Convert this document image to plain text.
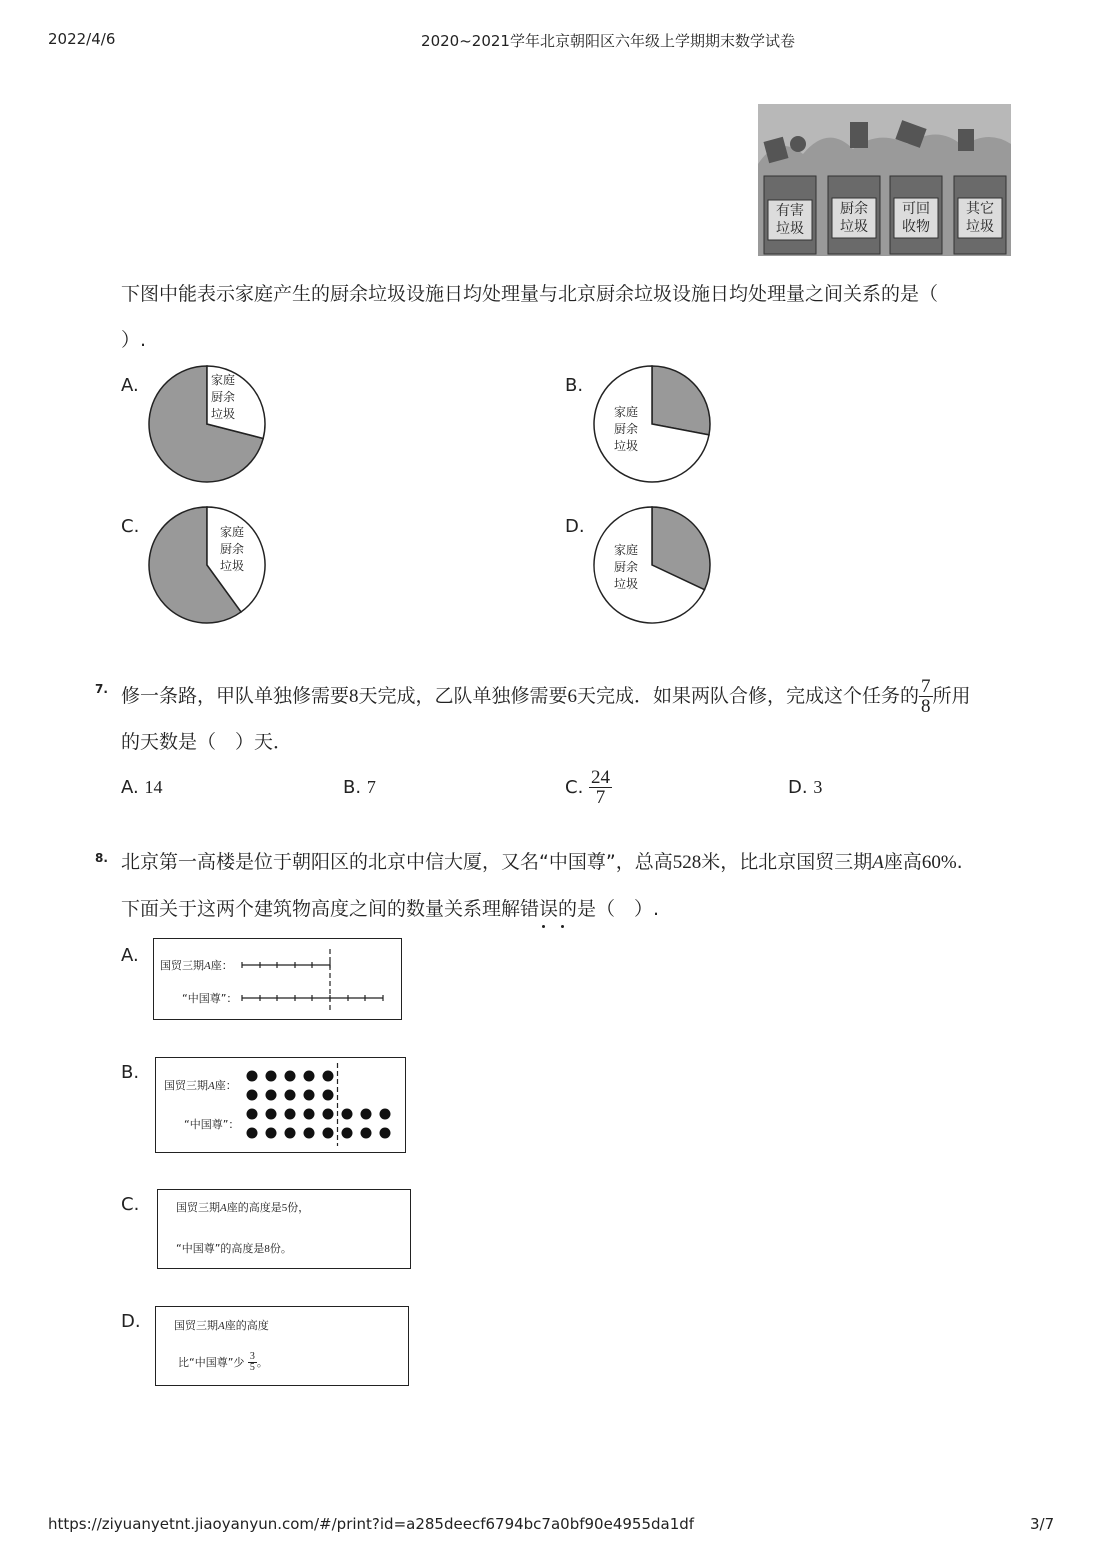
2022/4/6	2020~2021学年北京朝阳区六年级上学期期末数学试卷
有害
垃圾
厨余
垃圾
可回
收物
其它
垃圾
下图中能表示家庭产生的厨余垃圾设施日均处理量与北京厨余垃圾设施日均处理量之间关系的是（
）.
A.	家庭
厨余
垃圾
B.
家庭
厨余
垃圾
C.	家庭
厨余
垃圾
D.
家庭
厨余
垃圾
7. 修一条路，甲队单独修需要 8 天完成，乙队单独修需要 6 天完成．如果两队合修，完成这个任务的 $\frac{7}{8}$ 所用
的天数是（　）天．
A. 14	B. 7	C.
$\frac{24}{7}$	D. 3
8. 北京第一高楼是位于朝阳区的北京中信大厦，又名“中国尊”，总高528米，比北京国贸三期A座高60%.
下面关于这两个建筑物高度之间的数量关系理解错误的是（　）.
A. 国贸三期A座：
“中国尊”：
B.
国贸三期A座：
“中国尊”：
C.	国贸三期A座的高度是5份，
“中国尊”的高度是8份。
D.	国贸三期A座的高度
比“中国尊”少
$\frac{3}{5}$ 。
https://ziyuanyetnt.jiaoyanyun.com/#/print?id=a285deecf6794bc7a0bf90e4955da1df	3/7
